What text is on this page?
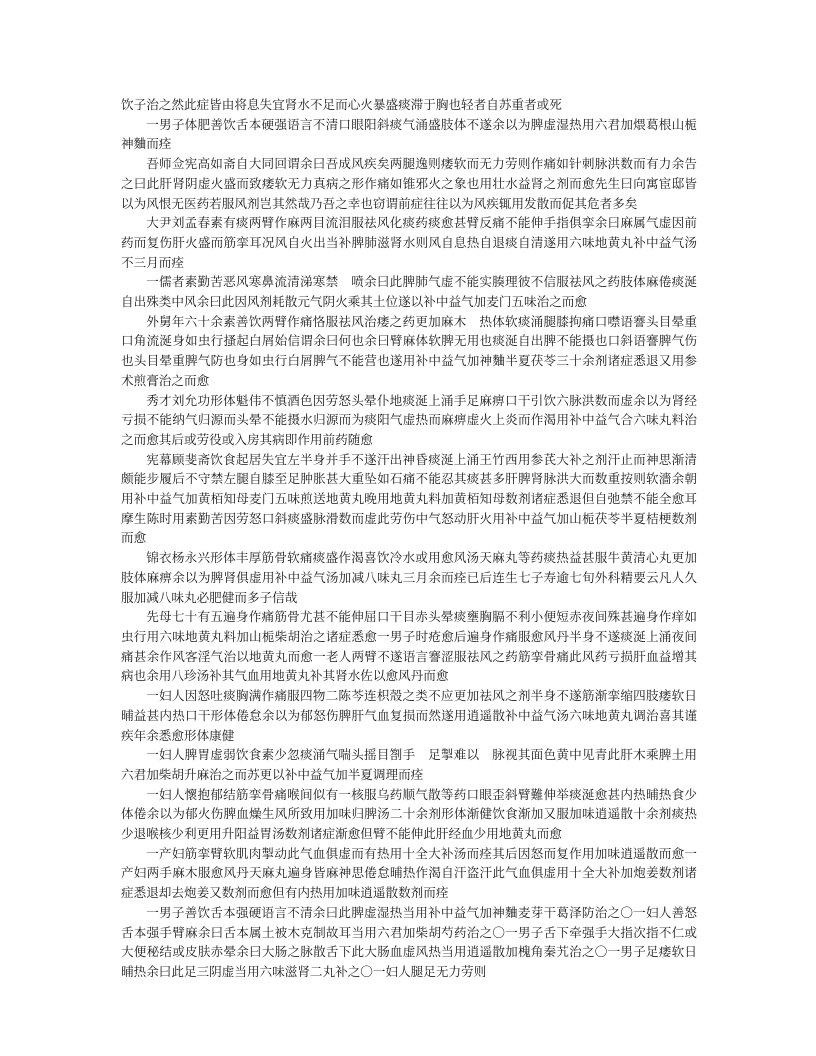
饮子治之然此症皆由将息失宜肾水不足而心火暴盛痰滞于胸也轻者自苏重者或死

一男子体肥善饮舌本硬强语言不清口眼阳斜痰气涌盛肢体不遂余以为脾虚湿热用六君加煨葛根山栀神麯而痊

吾师佥宪高如斋自大同回谓余曰吾成风疾矣两腿逸则痿软而无力劳则作痛如针刺脉洪数而有力余告之曰此肝肾阴虚火盛而致痿软无力真病之形作痛如锥邪火之象也用壮水益肾之剂而愈先生曰向寓宦邸皆以为风恨无医药若服风剂岂其然哉乃吾之幸也窃谓前症往往以为风疾辄用发散而促其危者多矣

大尹刘孟春素有痰两臂作麻两目流泪服祛风化痰药痰愈甚臂反痛不能伸手指俱挛余曰麻属气虚因前药而复伤肝火盛而筋挛耳况风自火出当补脾肺滋肾水则风自息热自退痰自清遂用六味地黄丸补中益气汤不三月而痊

一儒者素勤苦恶风寒鼻流清涕寒禁　喷余曰此脾肺气虚不能实腠理彼不信服祛风之药肢体麻倦痰涎自出殊类中风余曰此因风剂耗散元气阴火乘其土位遂以补中益气加麦门五味治之而愈

外舅年六十余素善饮两臂作痛恪服祛风治痿之药更加麻木　热体软痰涌腿膝拘痛口噤语謇头目晕重口角流涎身如虫行搔起白屑始信谓余曰何也余曰臂麻体软脾无用也痰涎自出脾不能摄也口斜语謇脾气伤也头目晕重脾气防也身如虫行白屑脾气不能营也遂用补中益气加神麯半夏茯苓三十余剂诸症悉退又用参术煎膏治之而愈

秀才刘允功形体魁伟不慎酒色因劳怒头晕仆地痰涎上涌手足麻痹口干引饮六脉洪数而虚余以为肾经亏损不能纳气归源而头晕不能摄水归源而为痰阳气虚热而麻痹虚火上炎而作渴用补中益气合六味丸料治之而愈其后或劳役或入房其病即作用前药随愈

宪幕顾斐斋饮食起居失宜左半身并手不遂汗出神昏痰涎上涌王竹西用参芪大补之剂汗止而神思渐清颇能步履后不守禁左腿自膝至足肿胀甚大重坠如石痛不能忍其痰甚多肝脾肾脉洪大而数重按则软濇余朝用补中益气加黄栢知母麦门五味煎送地黄丸晚用地黄丸料加黄栢知母数剂诸症悉退但自弛禁不能全愈耳摩生陈时用素勤苦因劳怒口斜痰盛脉滑数而虚此劳伤中气怒动肝火用补中益气加山栀茯苓半夏桔梗数剂而愈

锦衣杨永兴形体丰厚筋骨软痛痰盛作渴喜饮冷水或用愈风汤天麻丸等药痰热益甚服牛黄清心丸更加肢体麻痹余以为脾肾俱虚用补中益气汤加减八味丸三月余而痊已后连生七子寿逾七旬外科精要云凡人久服加减八味丸必肥健而多子信哉

先母七十有五遍身作痛筋骨尤甚不能伸屈口干目赤头晕痰壅胸膈不利小便短赤夜间殊甚遍身作痒如虫行用六味地黄丸料加山栀柴胡治之诸症悉愈一男子时疮愈后遍身作痛服愈风丹半身不遂痰涎上涌夜间痛甚余作风客淫气治以地黄丸而愈一老人两臂不遂语言謇涩服祛风之药筋挛骨痛此风药亏损肝血益增其病也余用八珍汤补其气血用地黄丸补其肾水佐以愈风丹而愈

一妇人因怒吐痰胸满作痛服四物二陈芩连枳殼之类不应更加祛风之剂半身不遂筋渐挛缩四肢痿软日晡益甚内热口干形体倦怠余以为郁怒伤脾肝气血复损而然遂用逍遥散补中益气汤六味地黄丸调治喜其谨疾年余悉愈形体康健

一妇人脾胃虚弱饮食素少忽痰涌气喘头摇目劄手　足掣难以　脉视其面色黄中见青此肝木乘脾土用六君加柴胡升麻治之而苏更以补中益气加半夏调理而痊

一妇人懷抱郁结筋挛骨痛喉间似有一核服乌药顺气散等药口眼歪斜臂難伸举痰涎愈甚内热晡热食少体倦余以为郁火伤脾血燥生风所致用加味归脾汤二十余剂形体渐健饮食渐加又服加味逍遥散十余剂痰热少退喉核少利更用升阳益胃汤数剂诸症渐愈但臂不能伸此肝经血少用地黄丸而愈

一产妇筋挛臂软肌肉掣动此气血俱虚而有热用十全大补汤而痊其后因怒而复作用加味逍遥散而愈一产妇两手麻木服愈风丹天麻丸遍身皆麻神思倦怠晡热作渴自汗盗汗此气血俱虚用十全大补加炮姜数剂诸症悉退却去炮姜又数剂而愈但有内热用加味逍遥散数剂而痊

一男子善饮舌本强硬语言不清余曰此脾虚湿热当用补中益气加神麯麦芽干葛泽防治之〇一妇人善怒舌本强手臂麻余曰舌本属土被木克制故耳当用六君加柴胡芍药治之〇一男子舌下牵强手大指次指不仁或大便秘结或皮肤赤晕余曰大肠之脉散舌下此大肠血虚风热当用逍遥散加槐角秦艽治之〇一男子足痿软日晡热余曰此足三阴虚当用六味滋肾二丸补之〇一妇人腿足无力劳则
